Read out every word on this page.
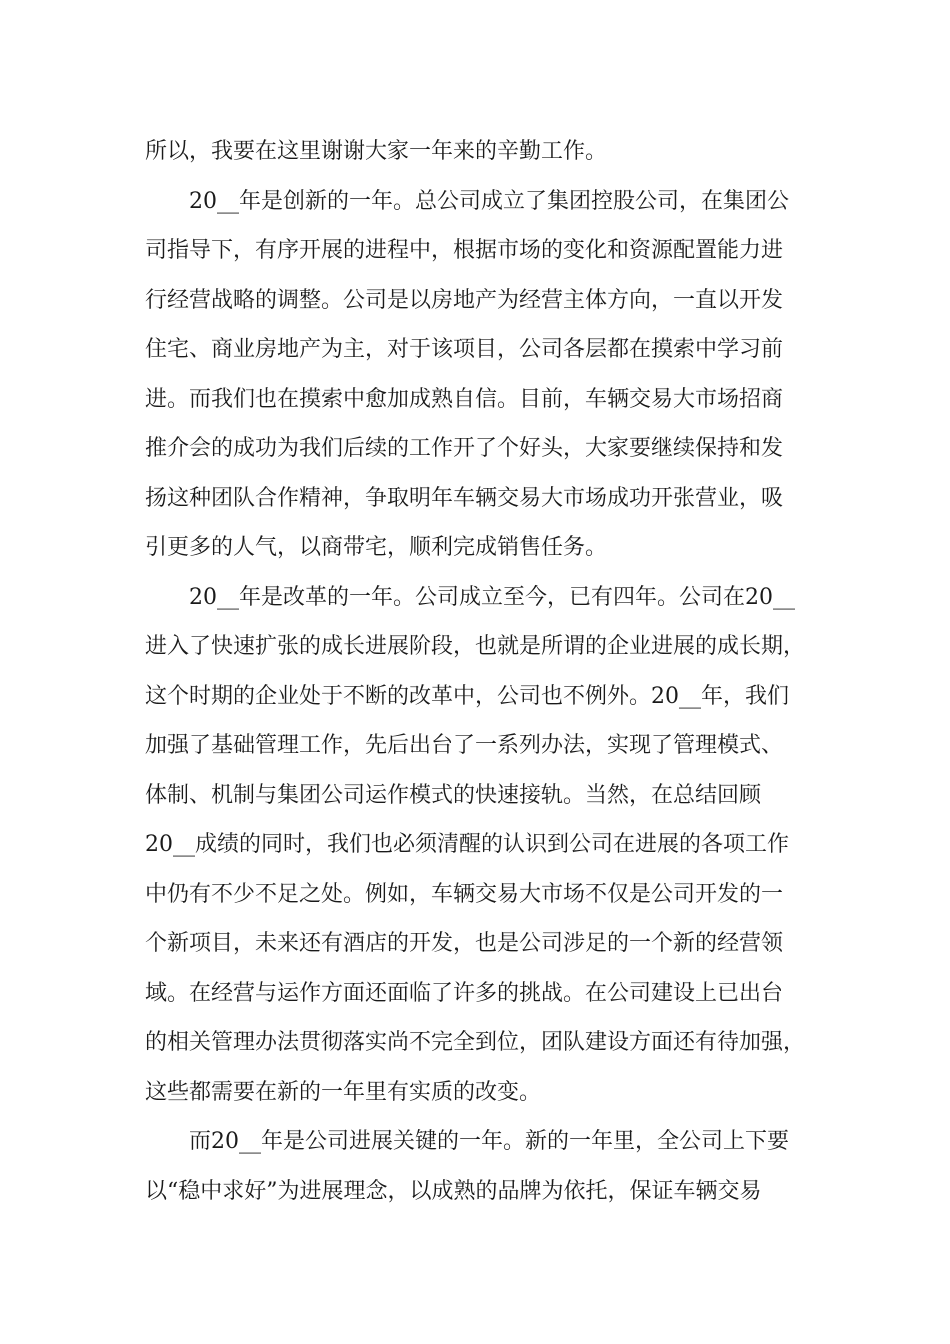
所以，我要在这里谢谢大家一年来的辛勤工作。
20__年是创新的一年。总公司成立了集团控股公司，在集团公
司指导下，有序开展的进程中，根据市场的变化和资源配置能力进
行经营战略的调整。公司是以房地产为经营主体方向，一直以开发
住宅、商业房地产为主，对于该项目，公司各层都在摸索中学习前
进。而我们也在摸索中愈加成熟自信。目前，车辆交易大市场招商
推介会的成功为我们后续的工作开了个好头，大家要继续保持和发
扬这种团队合作精神，争取明年车辆交易大市场成功开张营业，吸
引更多的人气，以商带宅，顺利完成销售任务。
20__年是改革的一年。公司成立至今，已有四年。公司在20__
进入了快速扩张的成长进展阶段，也就是所谓的企业进展的成长期，
这个时期的企业处于不断的改革中，公司也不例外。20__年，我们
加强了基础管理工作，先后出台了一系列办法，实现了管理模式、
体制、机制与集团公司运作模式的快速接轨。当然，在总结回顾
20__成绩的同时，我们也必须清醒的认识到公司在进展的各项工作
中仍有不少不足之处。例如，车辆交易大市场不仅是公司开发的一
个新项目，未来还有酒店的开发，也是公司涉足的一个新的经营领
域。在经营与运作方面还面临了许多的挑战。在公司建设上已出台
的相关管理办法贯彻落实尚不完全到位，团队建设方面还有待加强，
这些都需要在新的一年里有实质的改变。
而20__年是公司进展关键的一年。新的一年里，全公司上下要
以“稳中求好”为进展理念，以成熟的品牌为依托，保证车辆交易
